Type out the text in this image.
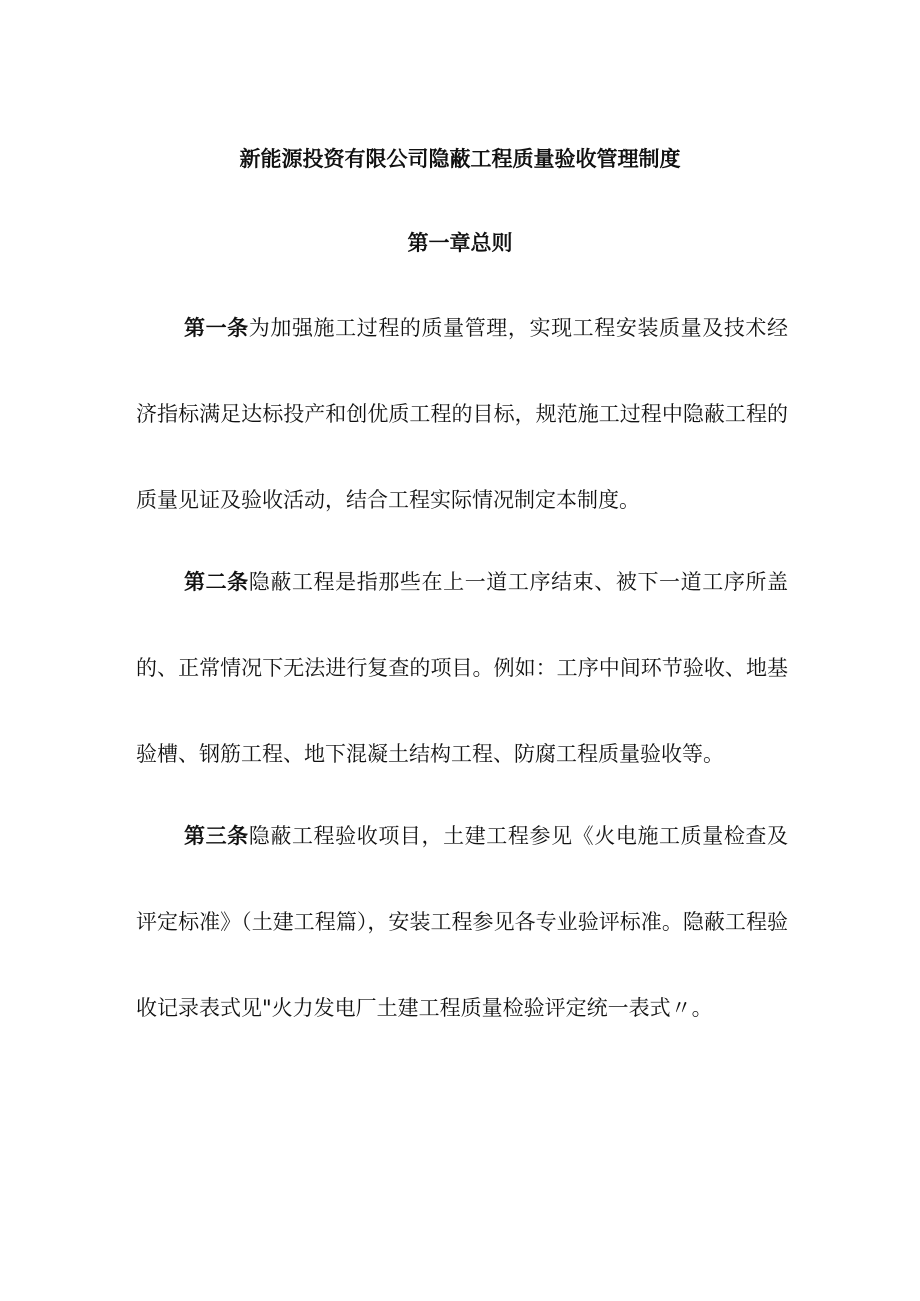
新能源投资有限公司隐蔽工程质量验收管理制度
第一章总则

第一条为加强施工过程的质量管理，实现工程安装质量及技术经济指标满足达标投产和创优质工程的目标，规范施工过程中隐蔽工程的质量见证及验收活动，结合工程实际情况制定本制度。

第二条隐蔽工程是指那些在上一道工序结束、被下一道工序所盖的、正常情况下无法进行复查的项目。例如：工序中间环节验收、地基验槽、钢筋工程、地下混凝土结构工程、防腐工程质量验收等。

第三条隐蔽工程验收项目，土建工程参见《火电施工质量检查及评定标准》（土建工程篇），安装工程参见各专业验评标准。隐蔽工程验收记录表式见"火力发电厂土建工程质量检验评定统一表式〃。
